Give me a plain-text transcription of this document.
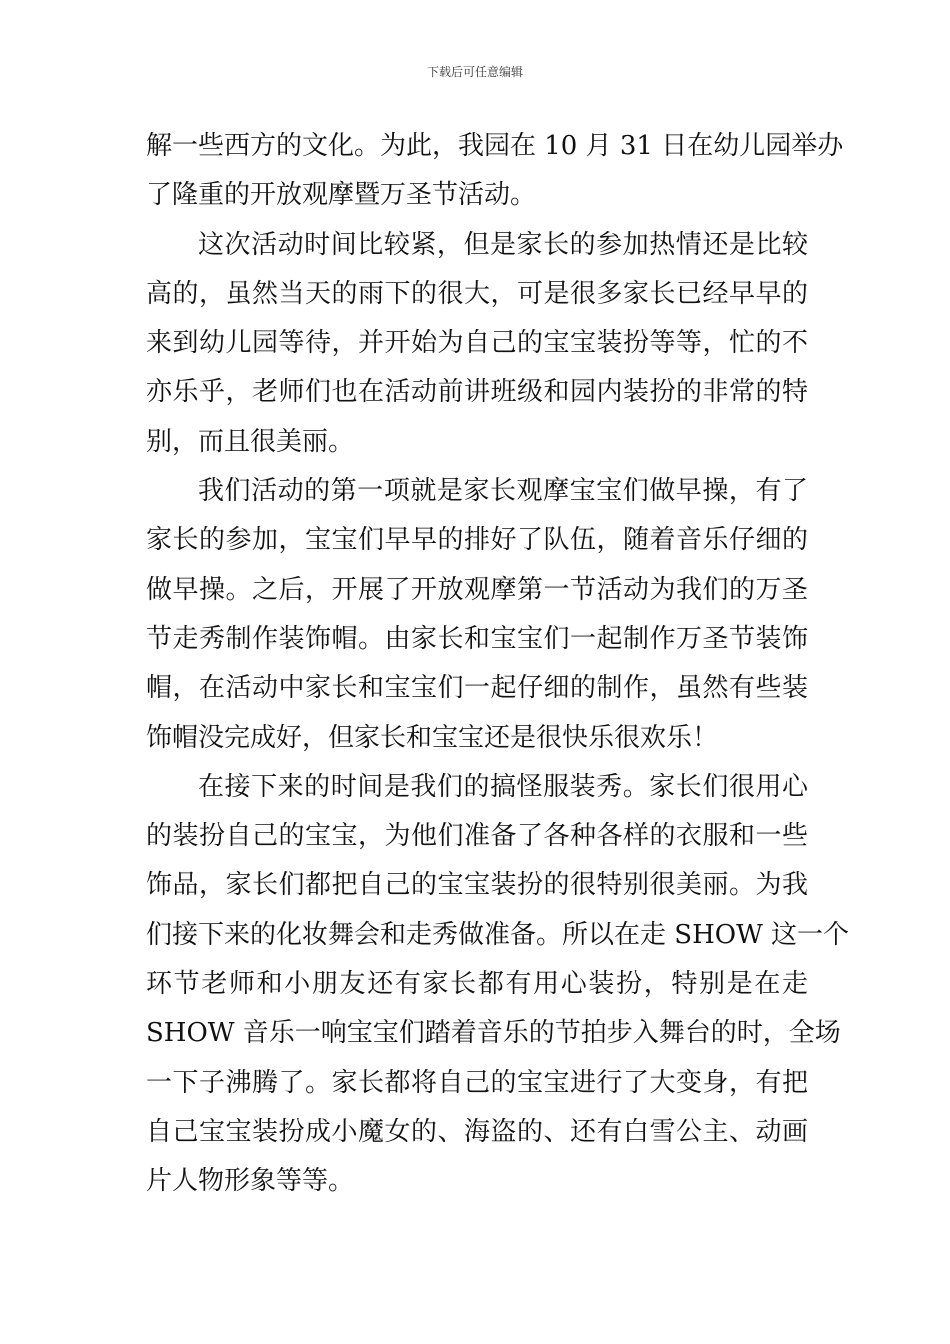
下载后可任意编辑
解一些西方的文化。为此，我园在 10 月 31 日在幼儿园举办
了隆重的开放观摩暨万圣节活动。
这次活动时间比较紧，但是家长的参加热情还是比较
高的，虽然当天的雨下的很大，可是很多家长已经早早的
来到幼儿园等待，并开始为自己的宝宝装扮等等，忙的不
亦乐乎，老师们也在活动前讲班级和园内装扮的非常的特
别，而且很美丽。
我们活动的第一项就是家长观摩宝宝们做早操，有了
家长的参加，宝宝们早早的排好了队伍，随着音乐仔细的
做早操。之后，开展了开放观摩第一节活动为我们的万圣
节走秀制作装饰帽。由家长和宝宝们一起制作万圣节装饰
帽，在活动中家长和宝宝们一起仔细的制作，虽然有些装
饰帽没完成好，但家长和宝宝还是很快乐很欢乐！
在接下来的时间是我们的搞怪服装秀。家长们很用心
的装扮自己的宝宝，为他们准备了各种各样的衣服和一些
饰品，家长们都把自己的宝宝装扮的很特别很美丽。为我
们接下来的化妆舞会和走秀做准备。所以在走 SHOW 这一个
环节老师和小朋友还有家长都有用心装扮，特别是在走
SHOW 音乐一响宝宝们踏着音乐的节拍步入舞台的时，全场
一下子沸腾了。家长都将自己的宝宝进行了大变身，有把
自己宝宝装扮成小魔女的、海盗的、还有白雪公主、动画
片人物形象等等。
